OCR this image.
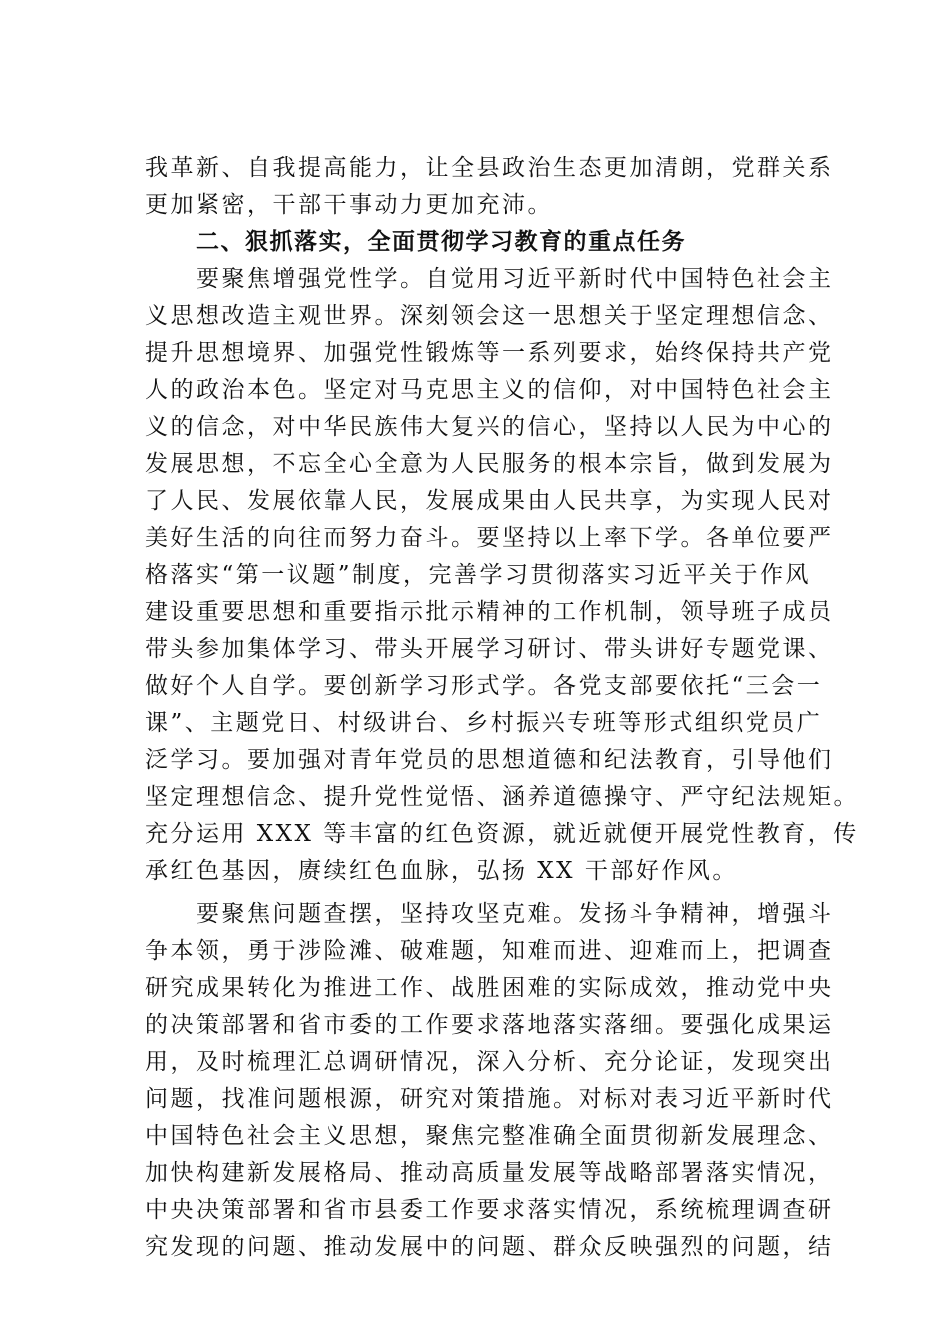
我革新、自我提高能力，让全县政治生态更加清朗，党群关系
更加紧密，干部干事动力更加充沛。
二、狠抓落实，全面贯彻学习教育的重点任务
要聚焦增强党性学。自觉用习近平新时代中国特色社会主
义思想改造主观世界。深刻领会这一思想关于坚定理想信念、
提升思想境界、加强党性锻炼等一系列要求，始终保持共产党
人的政治本色。坚定对马克思主义的信仰，对中国特色社会主
义的信念，对中华民族伟大复兴的信心，坚持以人民为中心的
发展思想，不忘全心全意为人民服务的根本宗旨，做到发展为
了人民、发展依靠人民，发展成果由人民共享，为实现人民对
美好生活的向往而努力奋斗。要坚持以上率下学。各单位要严
格落实“第一议题”制度，完善学习贯彻落实习近平关于作风
建设重要思想和重要指示批示精神的工作机制，领导班子成员
带头参加集体学习、带头开展学习研讨、带头讲好专题党课、
做好个人自学。要创新学习形式学。各党支部要依托“三会一
课”、主题党日、村级讲台、乡村振兴专班等形式组织党员广
泛学习。要加强对青年党员的思想道德和纪法教育，引导他们
坚定理想信念、提升党性觉悟、涵养道德操守、严守纪法规矩。
充分运用 XXX 等丰富的红色资源，就近就便开展党性教育，传
承红色基因，赓续红色血脉，弘扬 XX 干部好作风。
要聚焦问题查摆，坚持攻坚克难。发扬斗争精神，增强斗
争本领，勇于涉险滩、破难题，知难而进、迎难而上，把调查
研究成果转化为推进工作、战胜困难的实际成效，推动党中央
的决策部署和省市委的工作要求落地落实落细。要强化成果运
用，及时梳理汇总调研情况，深入分析、充分论证，发现突出
问题，找准问题根源，研究对策措施。对标对表习近平新时代
中国特色社会主义思想，聚焦完整准确全面贯彻新发展理念、
加快构建新发展格局、推动高质量发展等战略部署落实情况，
中央决策部署和省市县委工作要求落实情况，系统梳理调查研
究发现的问题、推动发展中的问题、群众反映强烈的问题，结
